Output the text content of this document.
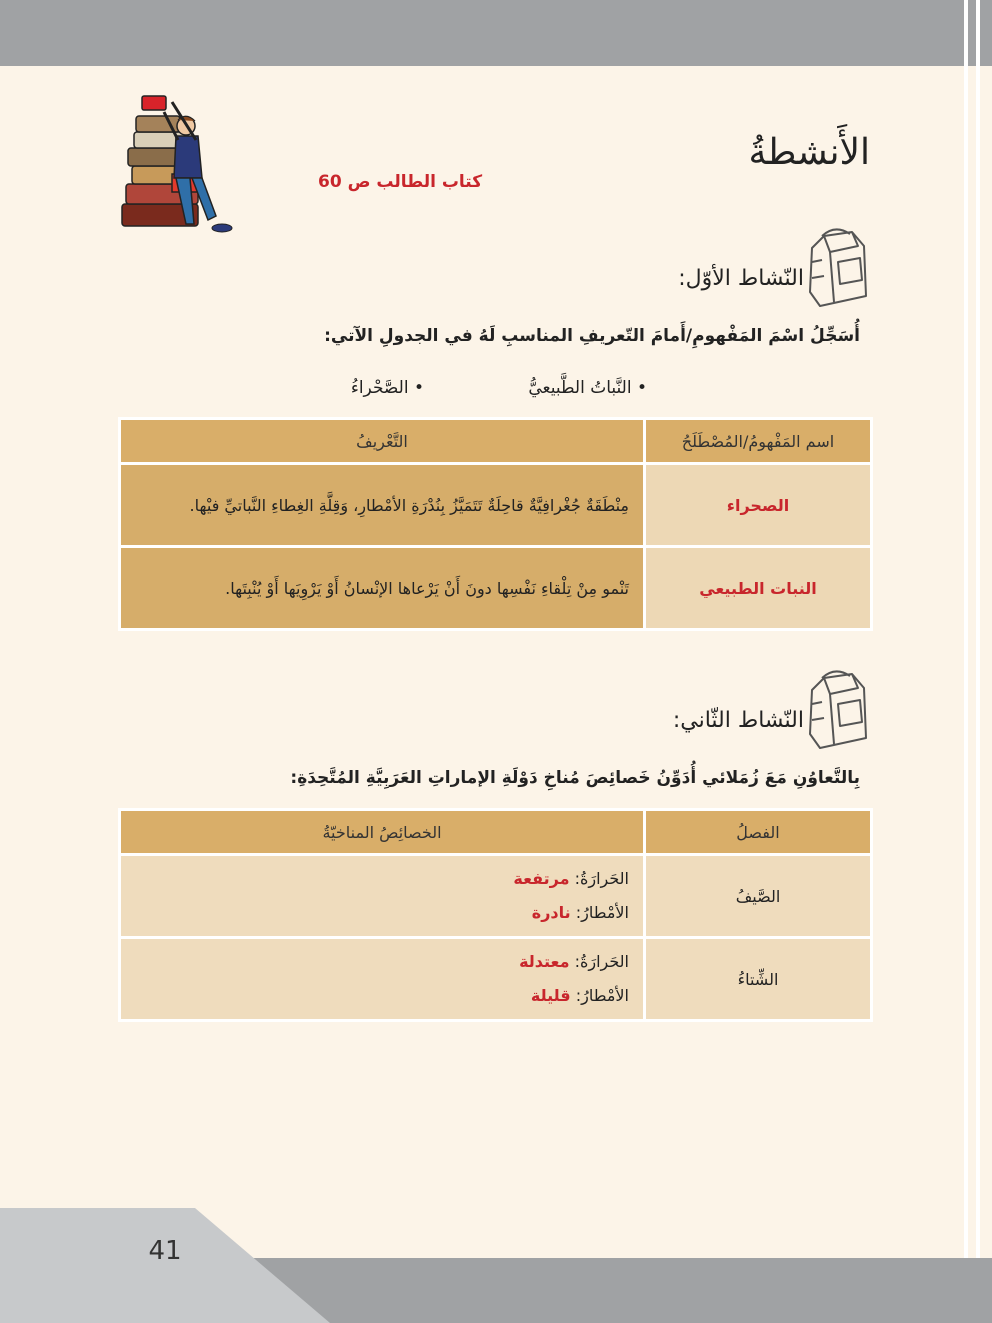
الأَنشطةُ
كتاب الطالب ص 60
النّشاط الأوّل:
أُسَجِّلُ اسْمَ المَفْهومِ/أَمامَ التّعريفِ المناسبِ لَهُ في الجدولِ الآتي:
• النَّباتُ الطَّبيعيُّ
• الصَّحْراءُ
اسم المَفْهومُ/المُصْطَلَحُ	التَّعْريفُ
الصحراء	مِنْطَقَةٌ جُغْرافِيَّةٌ قاحِلَةٌ تَتَمَيَّزُ بِنُدْرَةِ الأمْطارِ، وَقِلَّةِ الغِطاءِ النَّباتيِّ فيْها.
النبات الطبيعي	تَنْمو مِنْ تِلْقاءِ نَفْسِها دونَ أَنْ يَرْعاها الإنْسانُ أَوْ يَرْوِيَها أَوْ يُنْبِتَها.
النّشاط الثّاني:
بِالتَّعاوُنِ مَعَ زُمَلائي أُدَوِّنُ خَصائِصَ مُناخِ دَوْلَةِ الإماراتِ العَرَبِيَّةِ المُتَّحِدَةِ:
الفصلُ	الخصائِصُ المناخيّةُ
الصَّيفُ	الحَرارَةُ: مرتفعة
الأمْطارُ: نادرة

الشِّتاءُ	الحَرارَةُ: معتدلة
الأمْطارُ: قليلة
41
